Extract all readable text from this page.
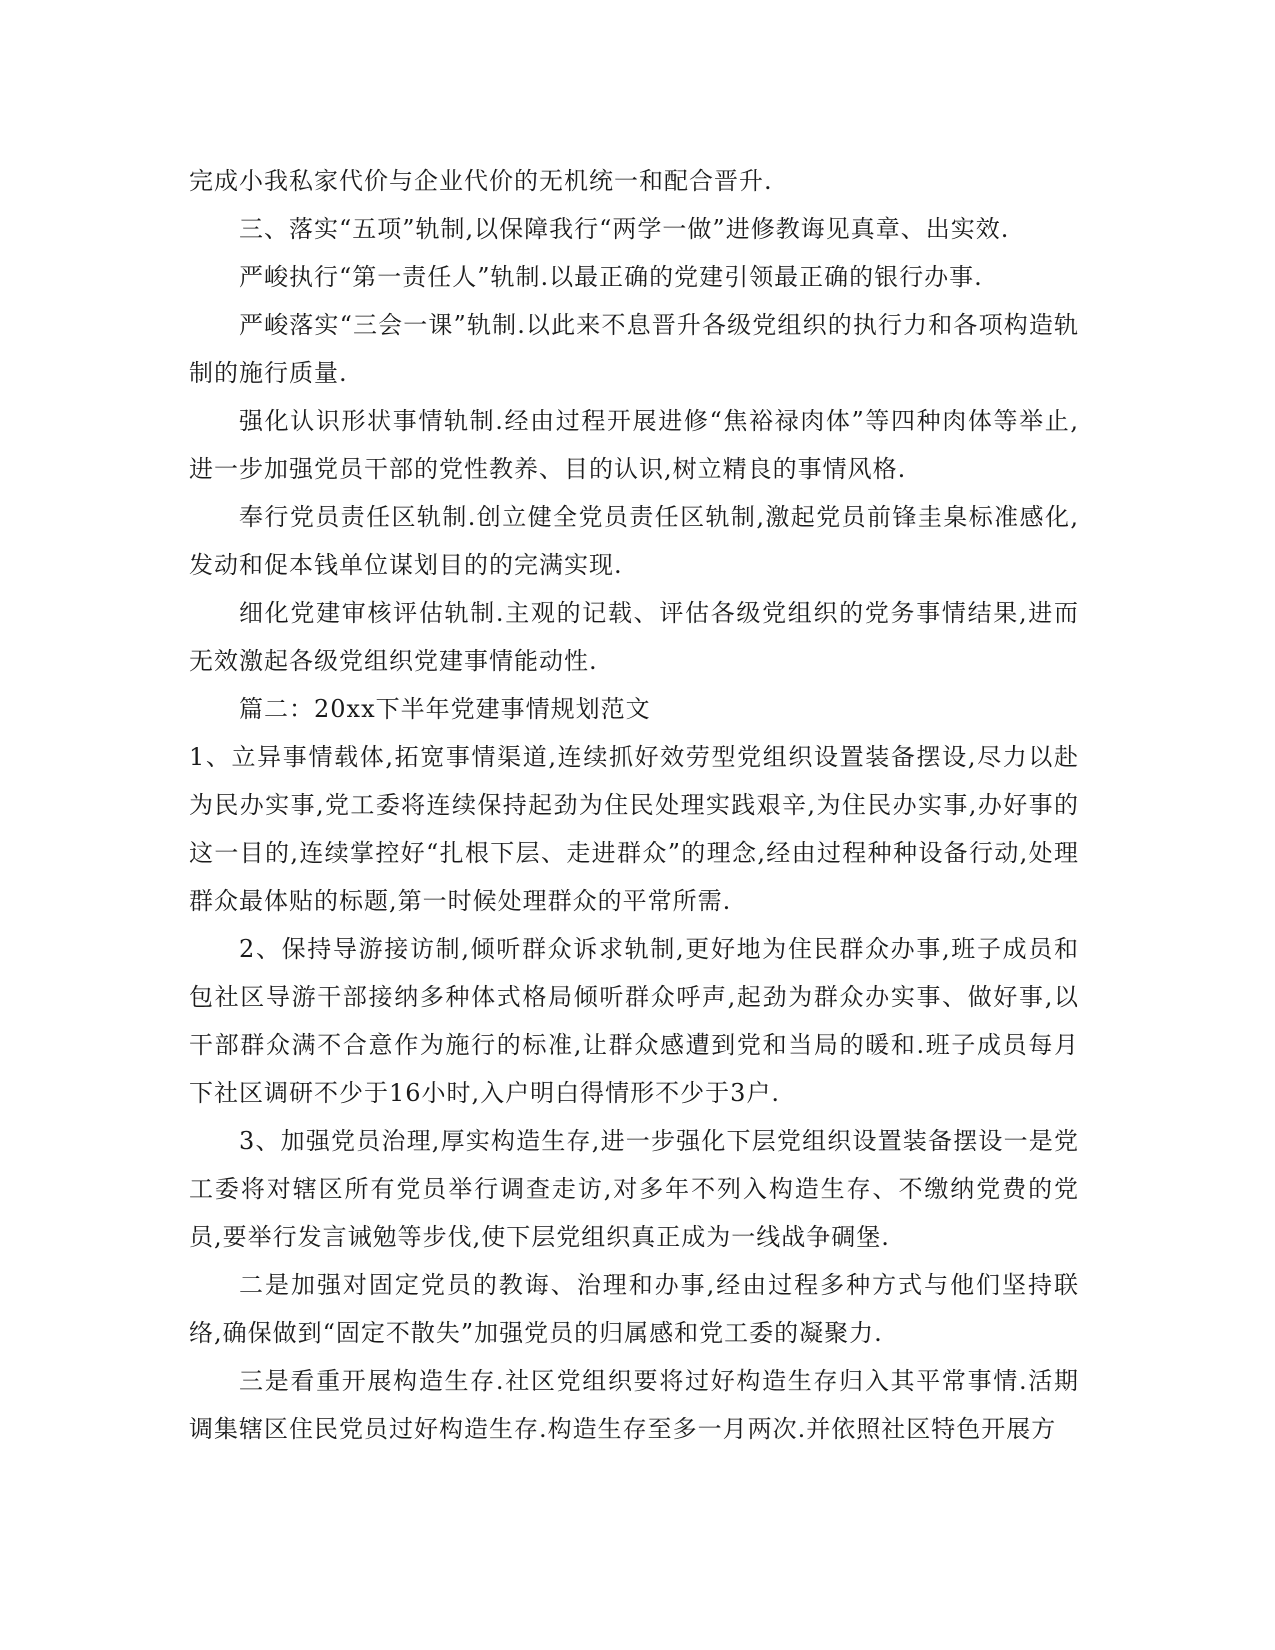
完成小我私家代价与企业代价的无机统一和配合晋升.

三、落实“五项”轨制,以保障我行“两学一做”进修教诲见真章、出实效.

严峻执行“第一责任人”轨制.以最正确的党建引领最正确的银行办事.

严峻落实“三会一课”轨制.以此来不息晋升各级党组织的执行力和各项构造轨制的施行质量.

强化认识形状事情轨制.经由过程开展进修“焦裕禄肉体”等四种肉体等举止,进一步加强党员干部的党性教养、目的认识,树立精良的事情风格.

奉行党员责任区轨制.创立健全党员责任区轨制,激起党员前锋圭臬标准感化,发动和促本钱单位谋划目的的完满实现.

细化党建审核评估轨制.主观的记载、评估各级党组织的党务事情结果,进而无效激起各级党组织党建事情能动性.

篇二：20xx下半年党建事情规划范文

1、立异事情载体,拓宽事情渠道,连续抓好效劳型党组织设置装备摆设,尽力以赴为民办实事,党工委将连续保持起劲为住民处理实践艰辛,为住民办实事,办好事的这一目的,连续掌控好“扎根下层、走进群众”的理念,经由过程种种设备行动,处理群众最体贴的标题,第一时候处理群众的平常所需.

2、保持导游接访制,倾听群众诉求轨制,更好地为住民群众办事,班子成员和包社区导游干部接纳多种体式格局倾听群众呼声,起劲为群众办实事、做好事,以干部群众满不合意作为施行的标准,让群众感遭到党和当局的暖和.班子成员每月下社区调研不少于16小时,入户明白得情形不少于3户.

3、加强党员治理,厚实构造生存,进一步强化下层党组织设置装备摆设一是党工委将对辖区所有党员举行调查走访,对多年不列入构造生存、不缴纳党费的党员,要举行发言诫勉等步伐,使下层党组织真正成为一线战争碉堡.

二是加强对固定党员的教诲、治理和办事,经由过程多种方式与他们坚持联络,确保做到“固定不散失”加强党员的归属感和党工委的凝聚力.

三是看重开展构造生存.社区党组织要将过好构造生存归入其平常事情.活期调集辖区住民党员过好构造生存.构造生存至多一月两次.并依照社区特色开展方
